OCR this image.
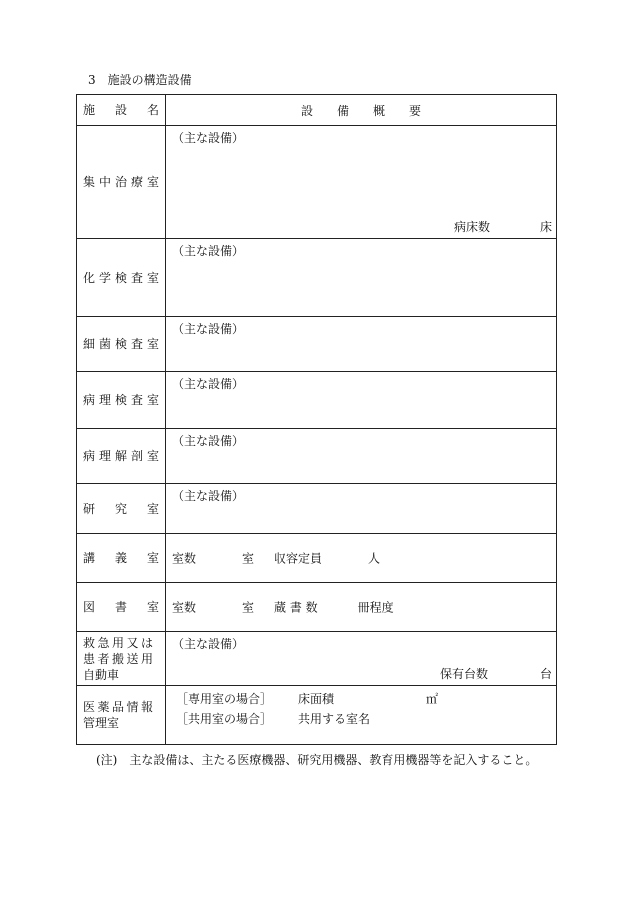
3　施設の構造設備
施　設　名	設　　備　　概　　要

集中治療室	（主な設備）
病床数 床

化学検査室	（主な設備）

細菌検査室	（主な設備）

病理検査室	（主な設備）

病理解剖室	（主な設備）

研　究　室	（主な設備）

講　義　室	室数 室 収容定員 人

図　書　室	室数 室 蔵 書 数 冊程度

救急用又は患者搬送用自動車	（主な設備）
保有台数 台

医薬品情報管理室	［専用室の場合］ 床面積 ㎡
［共用室の場合］ 共用する室名
(注)　主な設備は、主たる医療機器、研究用機器、教育用機器等を記入すること。
